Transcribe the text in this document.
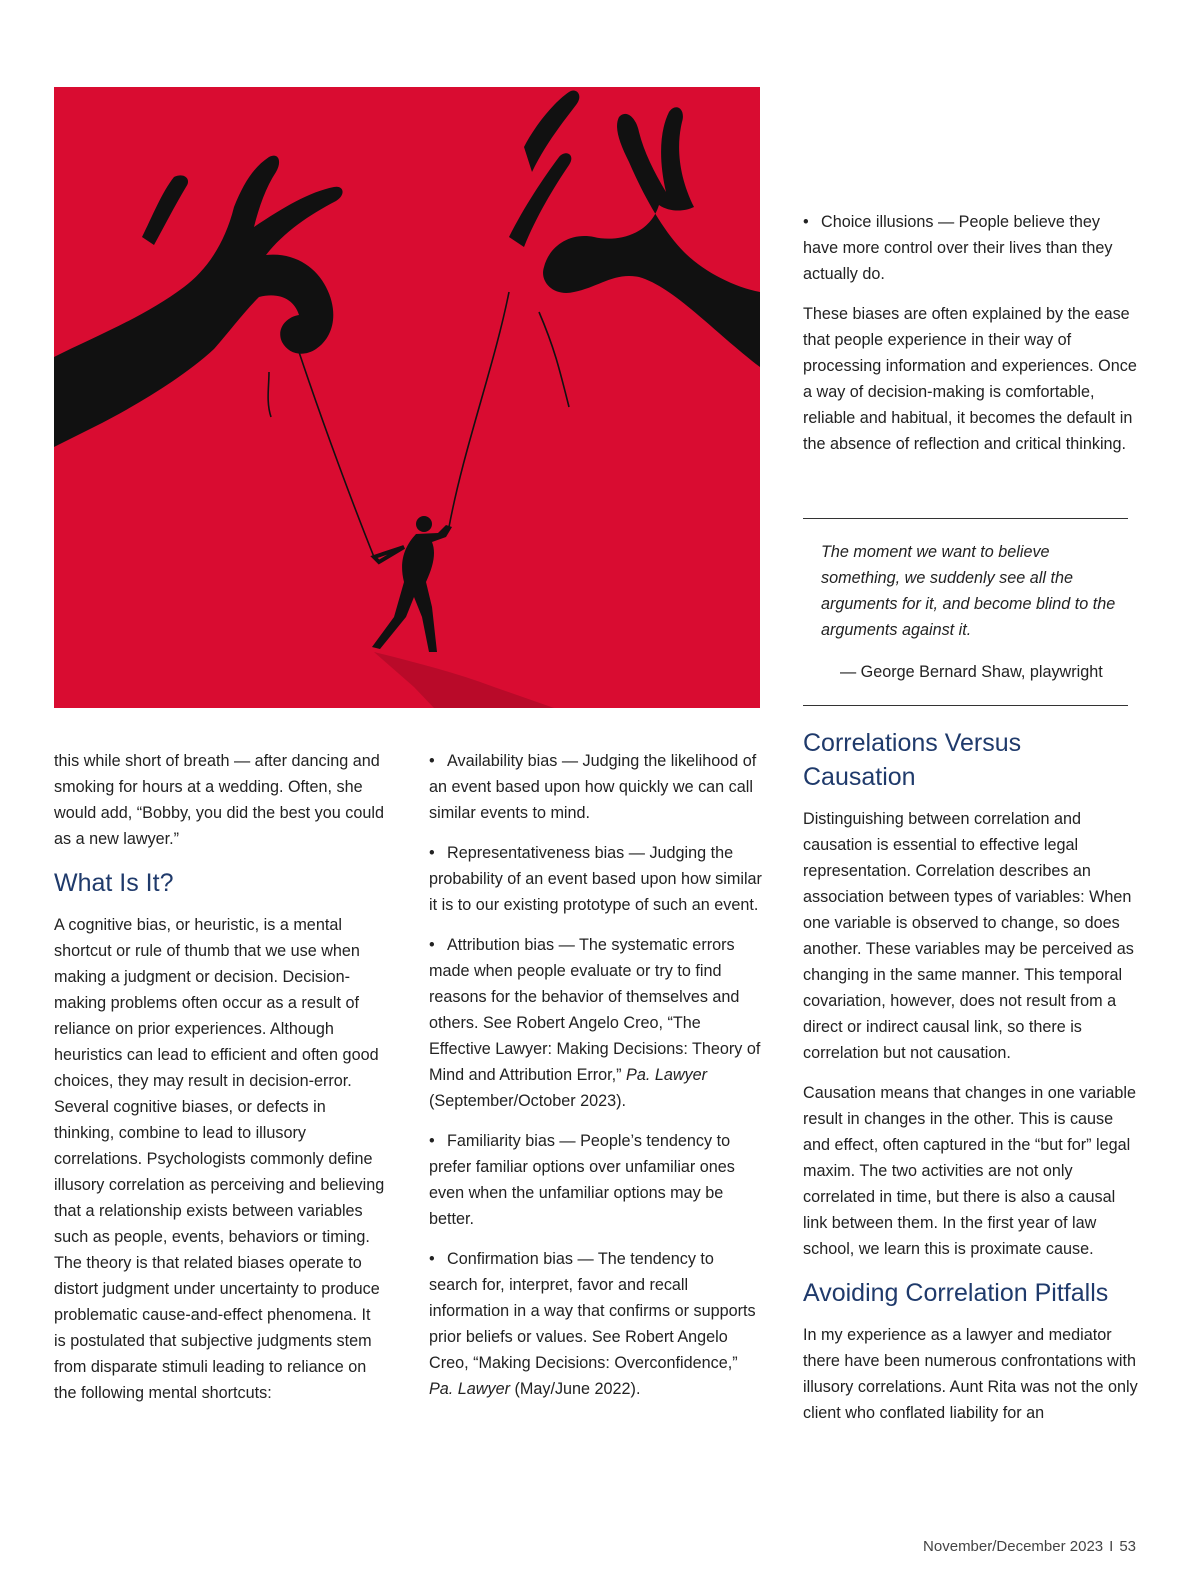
this while short of breath — after dancing and smoking for hours at a wedding. Often, she would add, “Bobby, you did the best you could as a new lawyer.”

What Is It?

A cognitive bias, or heuristic, is a mental shortcut or rule of thumb that we use when making a judgment or decision. Decision-making problems often occur as a result of reliance on prior experiences. Although heuristics can lead to efficient and often good choices, they may result in decision-error. Several cognitive biases, or defects in thinking, combine to lead to illusory correlations. Psychologists commonly define illusory correlation as perceiving and believing that a relationship exists between variables such as people, events, behaviors or timing. The theory is that related biases operate to distort judgment under uncertainty to produce problematic cause-and-effect phenomena. It is postulated that subjective judgments stem from disparate stimuli leading to reliance on the following mental shortcuts:

• Availability bias — Judging the likelihood of an event based upon how quickly we can call similar events to mind.

• Representativeness bias — Judging the probability of an event based upon how similar it is to our existing prototype of such an event.

• Attribution bias — The systematic errors made when people evaluate or try to find reasons for the behavior of themselves and others. See Robert Angelo Creo, “The Effective Lawyer: Making Decisions: Theory of Mind and Attribution Error,” Pa. Lawyer (September/October 2023).

• Familiarity bias — People’s tendency to prefer familiar options over unfamiliar ones even when the unfamiliar options may be better.

• Confirmation bias — The tendency to search for, interpret, favor and recall information in a way that confirms or supports prior beliefs or values. See Robert Angelo Creo, “Making Decisions: Overconfidence,” Pa. Lawyer (May/June 2022).

• Choice illusions — People believe they have more control over their lives than they actually do.

These biases are often explained by the ease that people experience in their way of processing information and experiences. Once a way of decision-making is comfortable, reliable and habitual, it becomes the default in the absence of reflection and critical thinking.

The moment we want to believe something, we suddenly see all the arguments for it, and become blind to the arguments against it.
— George Bernard Shaw, playwright
Correlations Versus Causation

Distinguishing between correlation and causation is essential to effective legal representation. Correlation describes an association between types of variables: When one variable is observed to change, so does another. These variables may be perceived as changing in the same manner. This temporal covariation, however, does not result from a direct or indirect causal link, so there is correlation but not causation.

Causation means that changes in one variable result in changes in the other. This is cause and effect, often captured in the “but for” legal maxim. The two activities are not only correlated in time, but there is also a causal link between them. In the first year of law school, we learn this is proximate cause.

Avoiding Correlation Pitfalls

In my experience as a lawyer and mediator there have been numerous confrontations with illusory correlations. Aunt Rita was not the only client who conflated liability for an

November/December 2023 I 53
